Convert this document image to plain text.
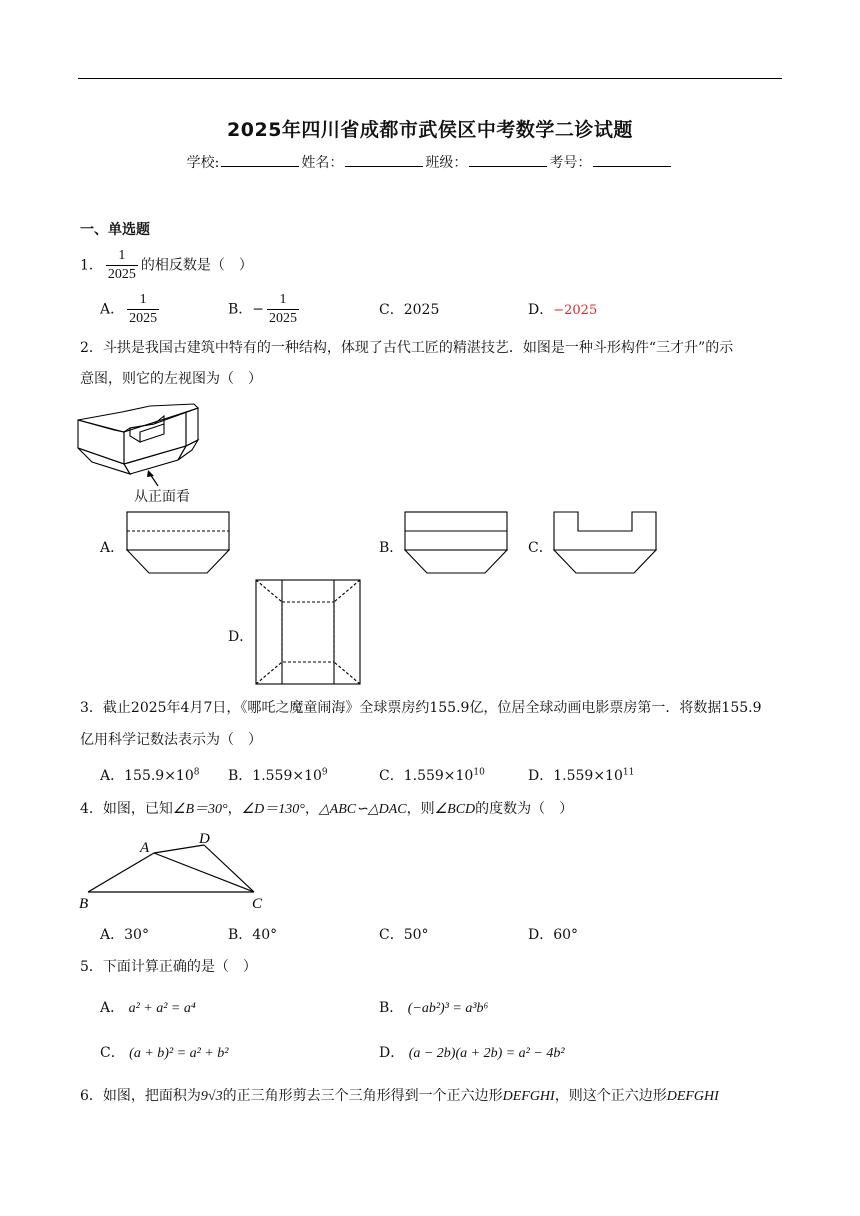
2025年四川省成都市武侯区中考数学二诊试题
学校:	姓名：	班级：	考号：
一、单选题
1． $\frac{1}{2025}$ 的相反数是（　）
A． $\frac{1}{2025}$	B．− $\frac{1}{2025}$	C．2025	D．−2025
2．斗拱是我国古建筑中特有的一种结构，体现了古代工匠的精湛技艺．如图是一种斗形构件“三才升”的示
意图，则它的左视图为（　）
从正面看
A．	B．	C．
D．
3．截止2025年4月7日，《哪吒之魔童闹海》全球票房约155.9亿，位居全球动画电影票房第一．将数据155.9
亿用科学记数法表示为（　）
A．$155.9\times 10^8$ B．$1.559\times 10^9$	C．$1.559\times 10^{10}$	D．$1.559\times 10^{11}$
4．如图，已知∠B＝30°，∠D＝130°，△ABC∽△DAC，则∠BCD的度数为（　）
A
D
B	C
A．30°	B．40°	C．50°	D．60°
5．下面计算正确的是（　）
A． a² + a² = a⁴	B． (−ab²)³ = a³b⁶
C． (a + b)² = a² + b²	D． (a − 2b)(a + 2b) = a² − 4b²
6．如图，把面积为9√3的正三角形剪去三个三角形得到一个正六边形DEFGHI，则这个正六边形DEFGHI
